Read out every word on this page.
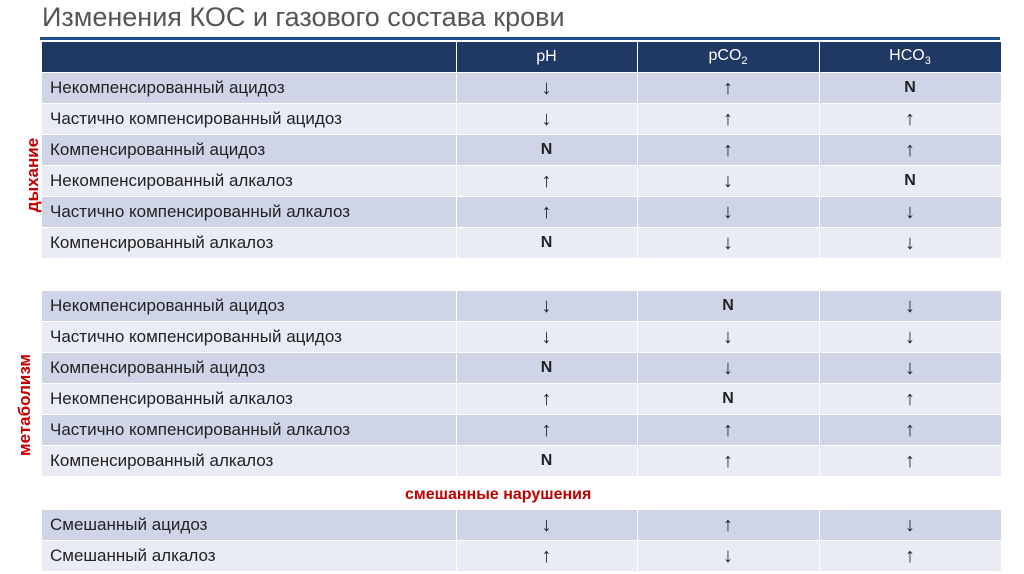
Изменения КОС и газового состава крови
дыхание
метаболизм
	pH	pCO$_2$	$HCO_3$
Некомпенсированный ацидоз	↓	↑	N
Частично компенсированный ацидоз	↓	↑	↑
Компенсированный ацидоз	N	↑	↑
Некомпенсированный алкалоз	↑	↓	N
Частично компенсированный алкалоз	↑	↓	↓
Компенсированный алкалоз	N	↓	↓
Некомпенсированный ацидоз	↓	N	↓
Частично компенсированный ацидоз	↓	↓	↓
Компенсированный ацидоз	N	↓	↓
Некомпенсированный алкалоз	↑	N	↑
Частично компенсированный алкалоз	↑	↑	↑
Компенсированный алкалоз	N	↑	↑
смешанные нарушения
Смешанный ацидоз	↓	↑	↓
Смешанный алкалоз	↑	↓	↑
